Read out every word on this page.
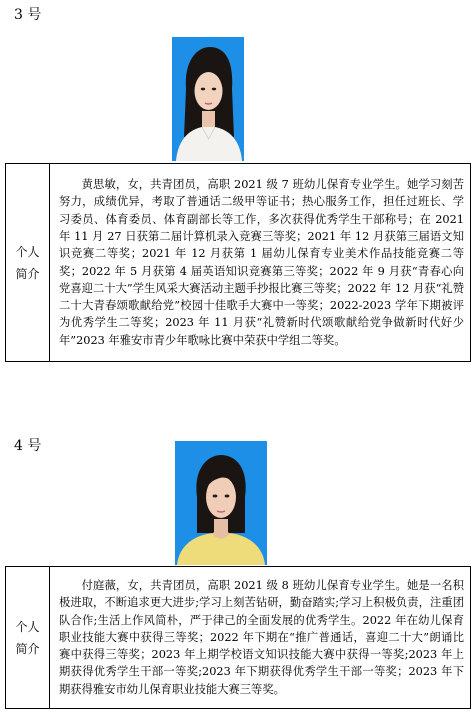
3 号
个人
简介
	黄思敏，女，共青团员，高职 2021 级 7 班幼儿保育专业学生。她学习刻苦努力，成绩优异，考取了普通话二级甲等证书；热心服务工作，担任过班长、学习委员、体育委员、体育副部长等工作，多次获得优秀学生干部称号；在 2021 年 11 月 27 日获第二届计算机录入竞赛三等奖；2021 年 12 月获第三届语文知识竞赛二等奖；2021 年 12 月获第 1 届幼儿保育专业美术作品技能竞赛二等奖；2022 年 5 月获第 4 届英语知识竞赛第三等奖；2022 年 9 月获“青春心向党喜迎二十大”学生风采大赛活动主题手抄报比赛三等奖；2022 年 12 月获“礼赞二十大青春颂歌献给党”校园十佳歌手大赛中一等奖；2022-2023 学年下期被评为优秀学生二等奖；2023 年 11 月获“礼赞新时代颂歌献给党争做新时代好少年”2023 年雅安市青少年歌咏比赛中荣获中学组二等奖。
4 号
个人
简介
	付庭薇，女，共青团员，高职 2021 级 8 班幼儿保育专业学生。她是一名积极进取，不断追求更大进步;学习上刻苦钻研，勤奋踏实;学习上积极负责，注重团队合作;生活上作风简朴，严于律己的全面发展的优秀学生。2022 年在幼儿保育职业技能大赛中获得三等奖；2022 年下期在“推广普通话，喜迎二十大”朗诵比赛中获得三等奖；2023 年上期学校语文知识技能大赛中获得一等奖;2023 年上期获得优秀学生干部一等奖;2023 年下期获得优秀学生干部一等奖；2023 年下期获得雅安市幼儿保育职业技能大赛三等奖。
